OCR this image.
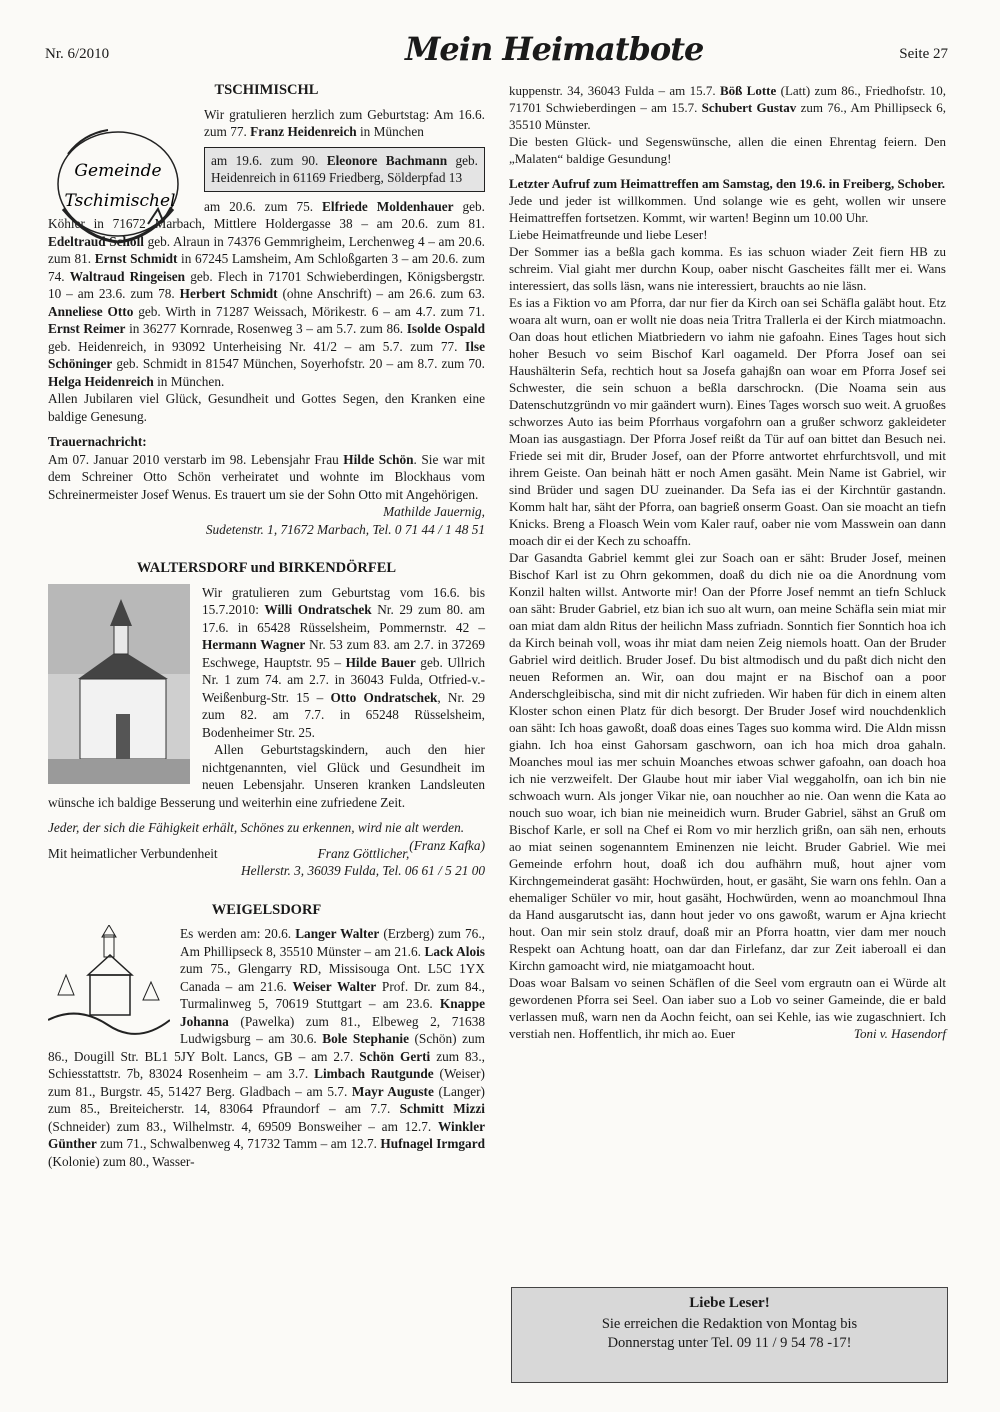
Nr. 6/2010	Mein Heimatbote	Seite 27
Gemeinde
Tschimischel
TSCHIMISCHL

Wir gratulieren herzlich zum Geburtstag: Am 16.6. zum 77. Franz Heidenreich in München

am 19.6. zum 90. Eleonore Bachmann geb. Heidenreich in 61169 Friedberg, Sölderpfad 13

am 20.6. zum 75. Elfriede Moldenhauer geb. Köhler in 71672 Marbach, Mittlere Holdergasse 38 – am 20.6. zum 81. Edeltraud Scholl geb. Alraun in 74376 Gemmrigheim, Lerchenweg 4 – am 20.6. zum 81. Ernst Schmidt in 67245 Lamsheim, Am Schloßgarten 3 – am 20.6. zum 74. Waltraud Ringeisen geb. Flech in 71701 Schwieberdingen, Königsbergstr. 10 – am 23.6. zum 78. Herbert Schmidt (ohne Anschrift) – am 26.6. zum 63. Anneliese Otto geb. Wirth in 71287 Weissach, Mörikestr. 6 – am 4.7. zum 71. Ernst Reimer in 36277 Kornrade, Rosenweg 3 – am 5.7. zum 86. Isolde Ospald geb. Heidenreich, in 93092 Unterheising Nr. 41/2 – am 5.7. zum 77. Ilse Schöninger geb. Schmidt in 81547 München, Soyerhofstr. 20 – am 8.7. zum 70. Helga Heidenreich in München.

Allen Jubilaren viel Glück, Gesundheit und Gottes Segen, den Kranken eine baldige Genesung.

Trauernachricht:

Am 07. Januar 2010 verstarb im 98. Lebensjahr Frau Hilde Schön. Sie war mit dem Schreiner Otto Schön verheiratet und wohnte im Blockhaus vom Schreinermeister Josef Wenus. Es trauert um sie der Sohn Otto mit Angehörigen.

Mathilde Jauernig,

Sudetenstr. 1, 71672 Marbach, Tel. 0 71 44 / 1 48 51

WALTERSDORF und BIRKENDÖRFEL

Wir gratulieren zum Geburtstag vom 16.6. bis 15.7.2010: Willi Ondratschek Nr. 29 zum 80. am 17.6. in 65428 Rüsselsheim, Pommernstr. 42 – Hermann Wagner Nr. 53 zum 83. am 2.7. in 37269 Eschwege, Hauptstr. 95 – Hilde Bauer geb. Ullrich Nr. 1 zum 74. am 2.7. in 36043 Fulda, Otfried-v.-Weißenburg-Str. 15 – Otto Ondratschek, Nr. 29 zum 82. am 7.7. in 65248 Rüsselsheim, Bodenheimer Str. 25.

Allen Geburtstagskindern, auch den hier nichtgenannten, viel Glück und Gesundheit im neuen Lebensjahr. Unseren kranken Landsleuten wünsche ich baldige Besserung und weiterhin eine zufriedene Zeit.

Jeder, der sich die Fähigkeit erhält, Schönes zu erkennen, wird nie alt werden.
(Franz Kafka)

Mit heimatlicher Verbundenheit	Franz Göttlicher,

Hellerstr. 3, 36039 Fulda, Tel. 06 61 / 5 21 00

WEIGELSDORF

Es werden am: 20.6. Langer Walter (Erzberg) zum 76., Am Phillipseck 8, 35510 Münster – am 21.6. Lack Alois zum 75., Glengarry RD, Missisouga Ont. L5C 1YX Canada – am 21.6. Weiser Walter Prof. Dr. zum 84., Turmalinweg 5, 70619 Stuttgart – am 23.6. Knappe Johanna (Pawelka) zum 81., Elbeweg 2, 71638 Ludwigsburg – am 30.6. Bole Stephanie (Schön) zum 86., Dougill Str. BL1 5JY Bolt. Lancs, GB – am 2.7. Schön Gerti zum 83., Schiesstattstr. 7b, 83024 Rosenheim – am 3.7. Limbach Rautgunde (Weiser) zum 81., Burgstr. 45, 51427 Berg. Gladbach – am 5.7. Mayr Auguste (Langer) zum 85., Breiteicherstr. 14, 83064 Pfraundorf – am 7.7. Schmitt Mizzi (Schneider) zum 83., Wilhelmstr. 4, 69509 Bonsweiher – am 12.7. Winkler Günther zum 71., Schwalbenweg 4, 71732 Tamm – am 12.7. Hufnagel Irmgard (Kolonie) zum 80., Wasser-

kuppenstr. 34, 36043 Fulda – am 15.7. Böß Lotte (Latt) zum 86., Friedhofstr. 10, 71701 Schwieberdingen – am 15.7. Schubert Gustav zum 76., Am Phillipseck 6, 35510 Münster.

Die besten Glück- und Segenswünsche, allen die einen Ehrentag feiern. Den „Malaten“ baldige Gesundung!

Letzter Aufruf zum Heimattreffen am Samstag, den 19.6. in Freiberg, Schober.

Jede und jeder ist willkommen. Und solange wie es geht, wollen wir unsere Heimattreffen fortsetzen. Kommt, wir warten! Beginn um 10.00 Uhr.

Liebe Heimatfreunde und liebe Leser!

Der Sommer ias a beßla gach komma. Es ias schuon wiader Zeit fiern HB zu schreim. Vial giaht mer durchn Koup, oaber nischt Gascheites fällt mer ei. Wans interessiert, das solls läsn, wans nie interessiert, brauchts ao nie läsn.

Es ias a Fiktion vo am Pforra, dar nur fier da Kirch oan sei Schäfla galäbt hout. Etz woara alt wurn, oan er wollt nie doas neia Tritra Trallerla ei der Kirch miatmoachn. Oan doas hout etlichen Miatbriedern vo iahm nie gafoahn. Eines Tages hout sich hoher Besuch vo seim Bischof Karl oagameld. Der Pforra Josef oan sei Haushälterin Sefa, rechtich hout sa Josefa gahajßn oan woar em Pforra Josef sei Schwester, die sein schuon a beßla darschrockn. (Die Noama sein aus Datenschutzgründn vo mir gaändert wurn). Eines Tages worsch suo weit. A gruoßes schworzes Auto ias beim Pforrhaus vorgafohrn oan a grußer schworz gakleideter Moan ias ausgastiagn. Der Pforra Josef reißt da Tür auf oan bittet dan Besuch nei. Friede sei mit dir, Bruder Josef, oan der Pforre antwortet ehrfurchtsvoll, und mit ihrem Geiste. Oan beinah hätt er noch Amen gasäht. Mein Name ist Gabriel, wir sind Brüder und sagen DU zueinander. Da Sefa ias ei der Kirchntür gastandn. Komm halt har, säht der Pforra, oan bagrieß onserm Goast. Oan sie moacht an tiefn Knicks. Breng a Floasch Wein vom Kaler rauf, oaber nie vom Masswein oan dann moach dir ei der Kech zu schoaffn.

Dar Gasandta Gabriel kemmt glei zur Soach oan er säht: Bruder Josef, meinen Bischof Karl ist zu Ohrn gekommen, doaß du dich nie oa die Anordnung vom Konzil halten willst. Antworte mir! Oan der Pforre Josef nemmt an tiefn Schluck oan säht: Bruder Gabriel, etz bian ich suo alt wurn, oan meine Schäfla sein miat mir oan miat dam aldn Ritus der heilichn Mass zufriadn. Sonntich fier Sonntich hoa ich da Kirch beinah voll, woas ihr miat dam neien Zeig niemols hoatt. Oan der Bruder Gabriel wird deitlich. Bruder Josef. Du bist altmodisch und du paßt dich nicht den neuen Reformen an. Wir, oan dou majnt er na Bischof oan a poor Anderschgleibischa, sind mit dir nicht zufrieden. Wir haben für dich in einem alten Kloster schon einen Platz für dich besorgt. Der Bruder Josef wird nouchdenklich oan säht: Ich hoas gawoßt, doaß doas eines Tages suo komma wird. Die Aldn missn giahn. Ich hoa einst Gahorsam gaschworn, oan ich hoa mich droa gahaln. Moanches moul ias mer schuin Moanches etwoas schwer gafoahn, oan doach hoa ich nie verzweifelt. Der Glaube hout mir iaber Vial weggaholfn, oan ich bin nie schwoach wurn. Als jonger Vikar nie, oan nouchher ao nie. Oan wenn die Kata ao nouch suo woar, ich bian nie meineidich wurn. Bruder Gabriel, sähst an Gruß om Bischof Karle, er soll na Chef ei Rom vo mir herzlich grißn, oan säh nen, erhouts ao miat seinen sogenanntem Eminenzen nie leicht. Bruder Gabriel. Wie mei Gemeinde erfohrn hout, doaß ich dou aufhährn muß, hout ajner vom Kirchngemeinderat gasäht: Hochwürden, hout, er gasäht, Sie warn ons fehln. Oan a ehemaliger Schüler vo mir, hout gasäht, Hochwürden, wenn ao moanchmoul Ihna da Hand ausgarutscht ias, dann hout jeder vo ons gawoßt, warum er Ajna kriecht hout. Oan mir sein stolz drauf, doaß mir an Pforra hoattn, vier dam mer nouch Respekt oan Achtung hoatt, oan dar dan Firlefanz, dar zur Zeit iaberoall ei dan Kirchn gamoacht wird, nie miatgamoacht hout.

Doas woar Balsam vo seinen Schäflen of die Seel vom ergrautn oan ei Würde alt gewordenen Pforra sei Seel. Oan iaber suo a Lob vo seiner Gameinde, die er bald verlassen muß, warn nen da Aochn feicht, oan sei Kehle, ias wie zugaschniert. Ich verstiah nen. Hoffentlich, ihr mich ao. Euer	Toni v. Hasendorf

Liebe Leser!
Sie erreichen die Redaktion von Montag bis
Donnerstag unter Tel. 09 11 / 9 54 78 -17!
